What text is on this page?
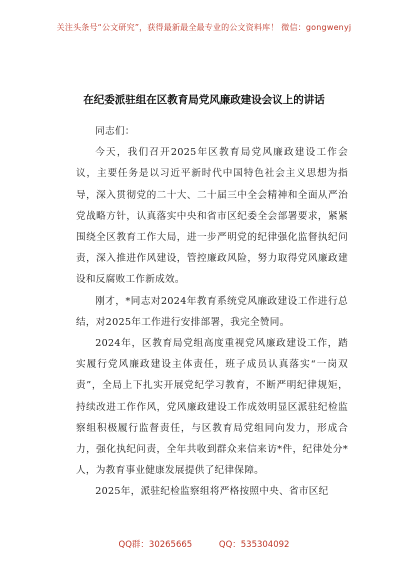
关注头条号“公文研究”，获得最新最全最专业的公文资料库！ 微信：gongwenyj
在纪委派驻组在区教育局党风廉政建设会议上的讲话

同志们：

今天，我们召开2025年区教育局党风廉政建设工作会议，主要任务是以习近平新时代中国特色社会主义思想为指导，深入贯彻党的二十大、二十届三中全会精神和全面从严治党战略方针，认真落实中央和省市区纪委全会部署要求，紧紧围绕全区教育工作大局，进一步严明党的纪律强化监督执纪问责，深入推进作风建设，管控廉政风险，努力取得党风廉政建设和反腐败工作新成效。

刚才，*同志对2024年教育系统党风廉政建设工作进行总结，对2025年工作进行安排部署，我完全赞同。

2024年，区教育局党组高度重视党风廉政建设工作，踏实履行党风廉政建设主体责任，班子成员认真落实“一岗双责”，全局上下扎实开展党纪学习教育，不断严明纪律规矩，持续改进工作作风，党风廉政建设工作成效明显区派驻纪检监察组积极履行监督责任，与区教育局党组同向发力，形成合力，强化执纪问责，全年共收到群众来信来访*件，纪律处分*人，为教育事业健康发展提供了纪律保障。

2025年，派驻纪检监察组将严格按照中央、省市区纪

QQ群：30265665	QQ：535304092
